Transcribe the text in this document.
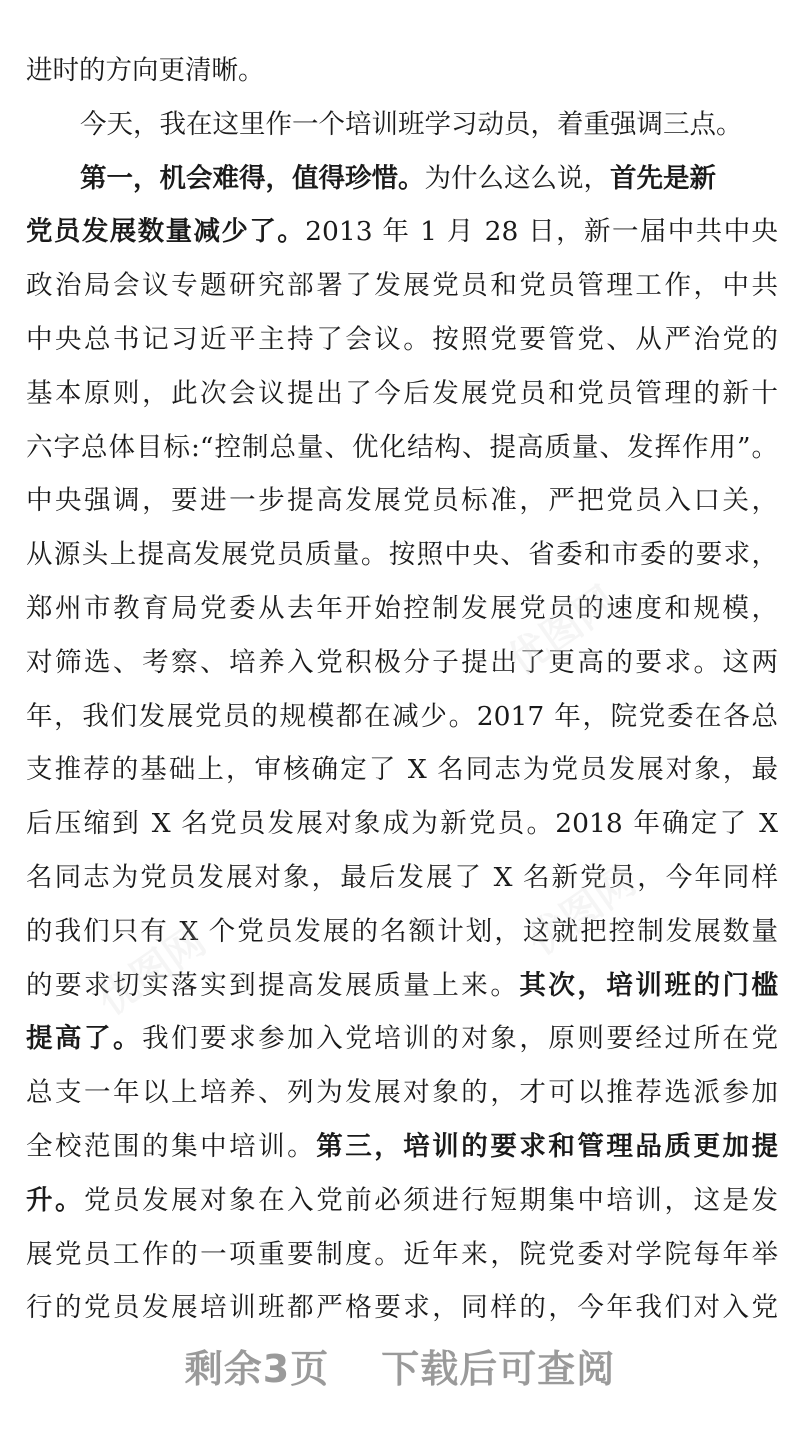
进时的方向更清晰。
今天，我在这里作一个培训班学习动员，着重强调三点。
第一，机会难得，值得珍惜。为什么这么说，首先是新
党员发展数量减少了。2013 年 1 月 28 日，新一届中共中央
政治局会议专题研究部署了发展党员和党员管理工作，中共
中央总书记习近平主持了会议。按照党要管党、从严治党的
基本原则，此次会议提出了今后发展党员和党员管理的新十
六字总体目标:“控制总量、优化结构、提高质量、发挥作用”。
中央强调，要进一步提高发展党员标准，严把党员入口关，
从源头上提高发展党员质量。按照中央、省委和市委的要求，
郑州市教育局党委从去年开始控制发展党员的速度和规模，
对筛选、考察、培养入党积极分子提出了更高的要求。这两
年，我们发展党员的规模都在减少。2017 年，院党委在各总
支推荐的基础上，审核确定了 X 名同志为党员发展对象，最
后压缩到 X 名党员发展对象成为新党员。2018 年确定了 X
名同志为党员发展对象，最后发展了 X 名新党员，今年同样
的我们只有 X 个党员发展的名额计划，这就把控制发展数量
的要求切实落实到提高发展质量上来。其次，培训班的门槛
提高了。我们要求参加入党培训的对象，原则要经过所在党
总支一年以上培养、列为发展对象的，才可以推荐选派参加
全校范围的集中培训。第三，培训的要求和管理品质更加提
升。党员发展对象在入党前必须进行短期集中培训，这是发
展党员工作的一项重要制度。近年来，院党委对学院每年举
行的党员发展培训班都严格要求，同样的，今年我们对入党
优图网
优图网
优图网
剩余3页 下载后可查阅
